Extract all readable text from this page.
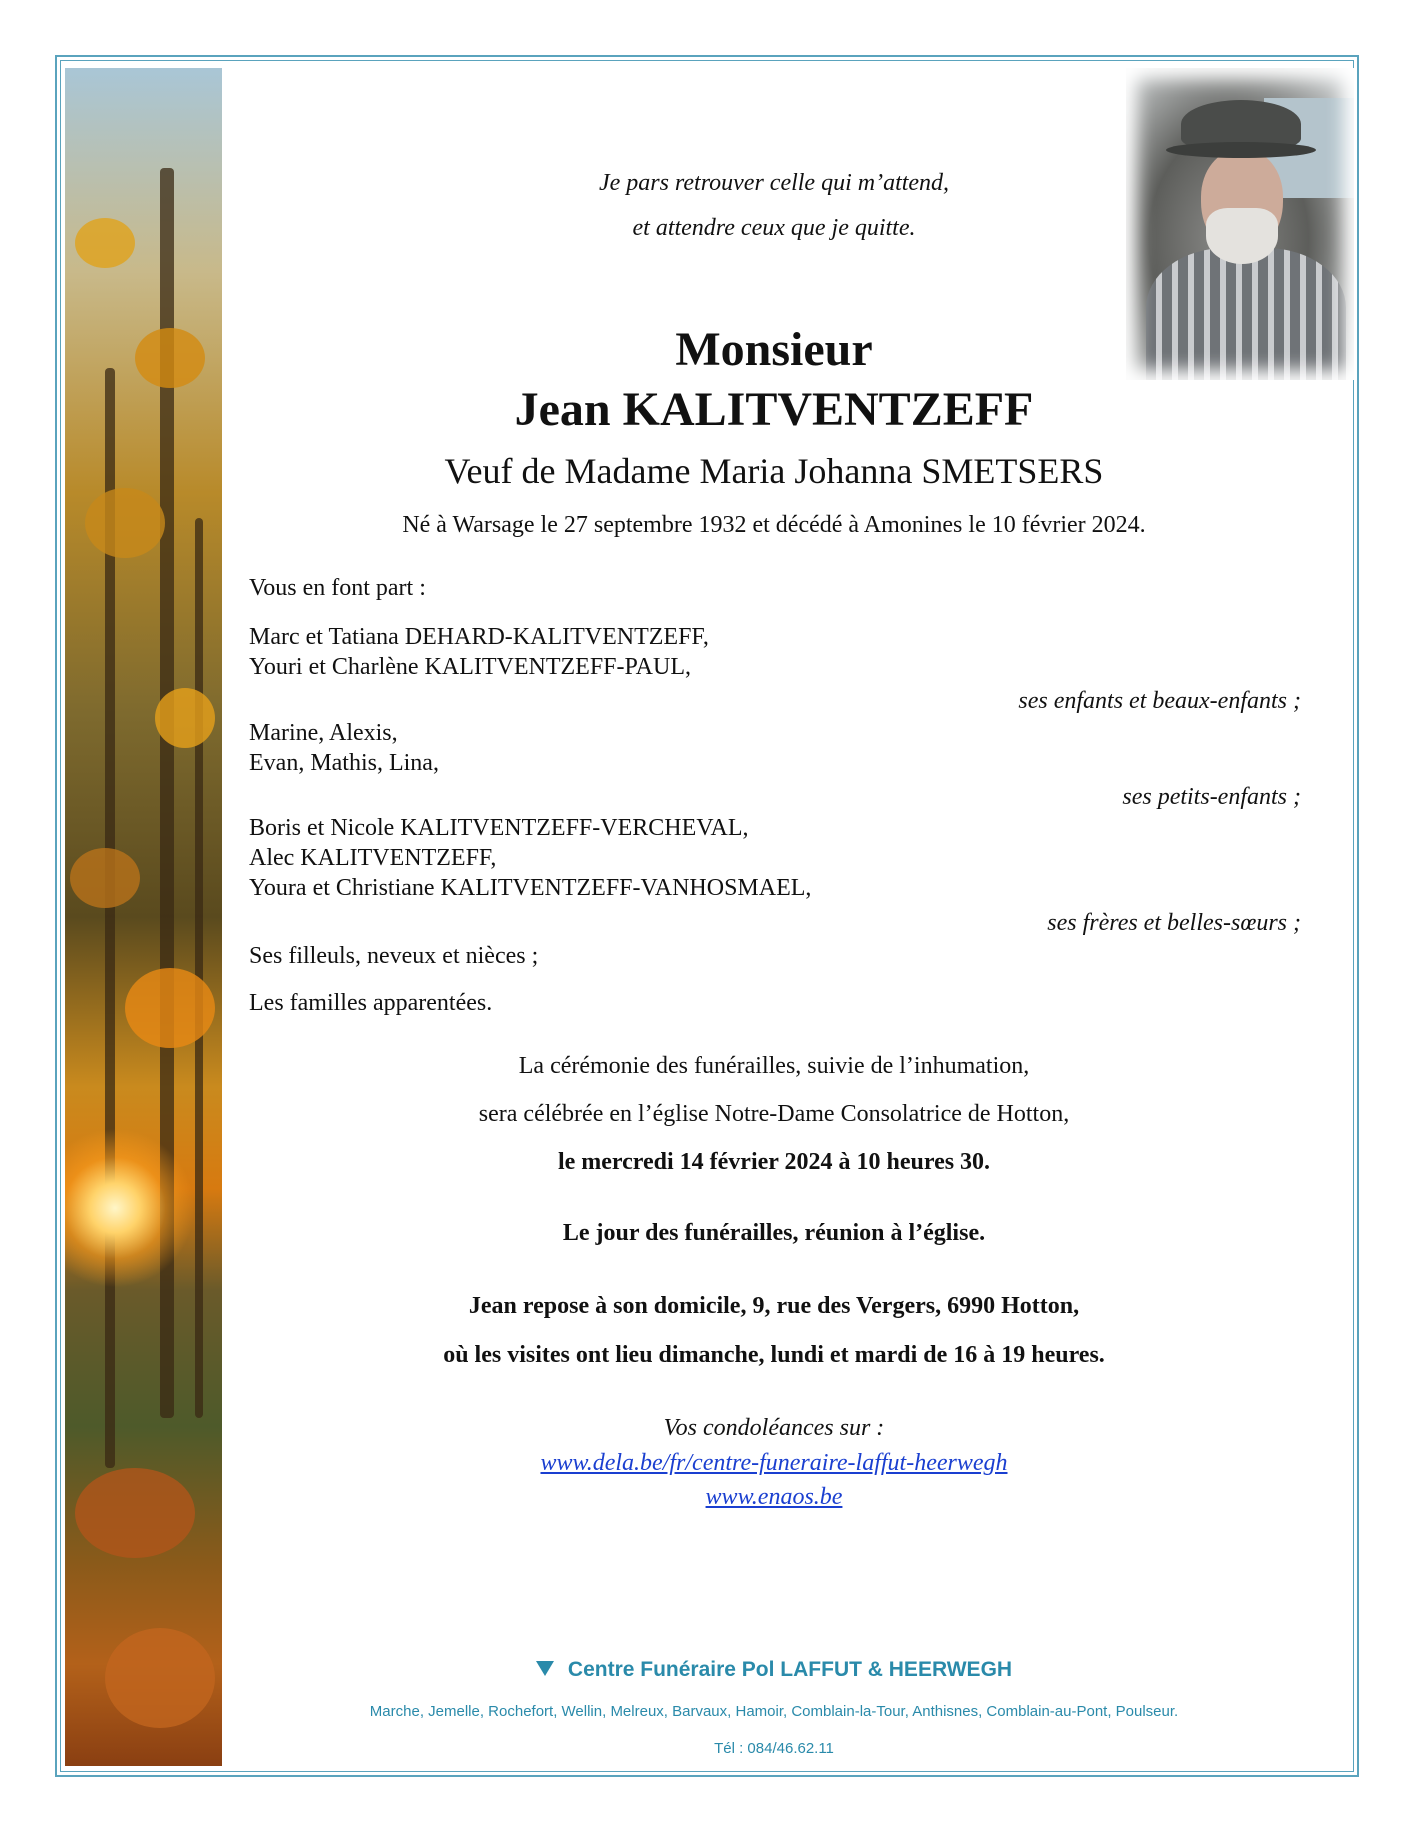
Je pars retrouver celle qui m’attend,
et attendre ceux que je quitte.
Monsieur
Jean KALITVENTZEFF
Veuf de Madame Maria Johanna SMETSERS
Né à Warsage le 27 septembre 1932 et décédé à Amonines le 10 février 2024.
Vous en font part :
Marc et Tatiana DEHARD-KALITVENTZEFF,
Youri et Charlène KALITVENTZEFF-PAUL,
ses enfants et beaux-enfants ;
Marine, Alexis,
Evan, Mathis, Lina,
ses petits-enfants ;
Boris et Nicole KALITVENTZEFF-VERCHEVAL,
Alec KALITVENTZEFF,
Youra et Christiane KALITVENTZEFF-VANHOSMAEL,
ses frères et belles-sœurs ;
Ses filleuls, neveux et nièces ;
Les familles apparentées.
La cérémonie des funérailles, suivie de l’inhumation,
sera célébrée en l’église Notre-Dame Consolatrice de Hotton,
le mercredi 14 février 2024 à 10 heures 30.
Le jour des funérailles, réunion à l’église.
Jean repose à son domicile, 9, rue des Vergers, 6990 Hotton,
où les visites ont lieu dimanche, lundi et mardi de 16 à 19 heures.
Vos condoléances sur :
www.dela.be/fr/centre-funeraire-laffut-heerwegh
www.enaos.be
Centre Funéraire Pol LAFFUT & HEERWEGH
Marche, Jemelle, Rochefort, Wellin, Melreux, Barvaux, Hamoir, Comblain-la-Tour, Anthisnes, Comblain-au-Pont, Poulseur.
Tél : 084/46.62.11
